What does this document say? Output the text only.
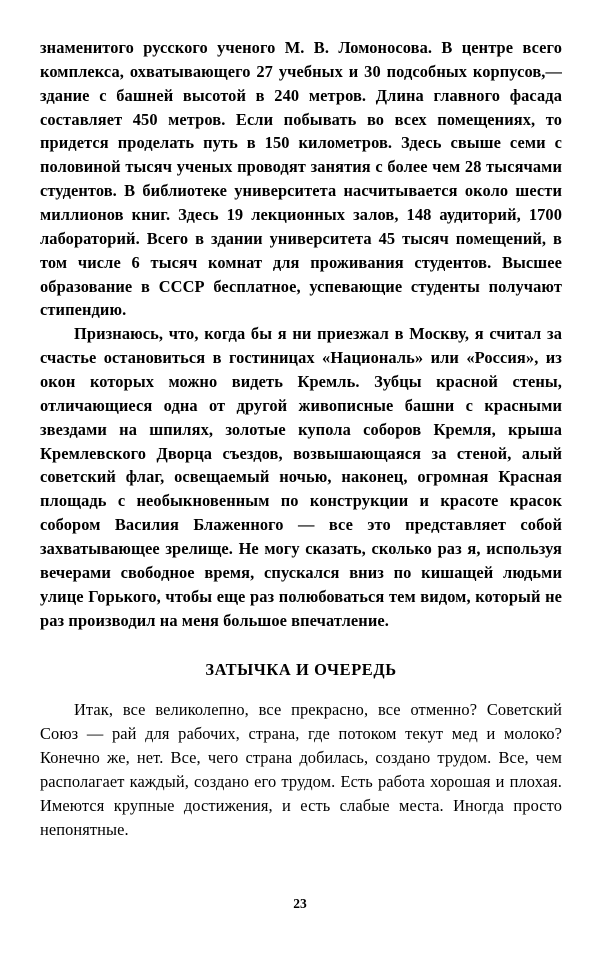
знаменитого русского ученого М. В. Ломоносова. В центре всего комплекса, охватывающего 27 учебных и 30 подсобных корпусов,— здание с башней высотой в 240 метров. Длина главного фасада составляет 450 метров. Если побывать во всех помещениях, то придется проделать путь в 150 километров. Здесь свыше семи с половиной тысяч ученых проводят занятия с более чем 28 тысячами студентов. В библиотеке университета насчитывается около шести миллионов книг. Здесь 19 лекционных залов, 148 аудиторий, 1700 лабораторий. Всего в здании университета 45 тысяч помещений, в том числе 6 тысяч комнат для проживания студентов. Высшее образование в СССР бесплатное, успевающие студенты получают стипендию.

Признаюсь, что, когда бы я ни приезжал в Москву, я считал за счастье остановиться в гостиницах «Националь» или «Россия», из окон которых можно видеть Кремль. Зубцы красной стены, отличающиеся одна от другой живописные башни с красными звездами на шпилях, золотые купола соборов Кремля, крыша Кремлевского Дворца съездов, возвышающаяся за стеной, алый советский флаг, освещаемый ночью, наконец, огромная Красная площадь с необыкновенным по конструкции и красоте красок собором Василия Блаженного — все это представляет собой захватывающее зрелище. Не могу сказать, сколько раз я, используя вечерами свободное время, спускался вниз по кишащей людьми улице Горького, чтобы еще раз полюбоваться тем видом, который не раз производил на меня большое впечатление.

ЗАТЫЧКА И ОЧЕРЕДЬ

Итак, все великолепно, все прекрасно, все отменно? Советский Союз — рай для рабочих, страна, где потоком текут мед и молоко? Конечно же, нет. Все, чего страна добилась, создано трудом. Все, чем располагает каждый, создано его трудом. Есть работа хорошая и плохая. Имеются крупные достижения, и есть слабые места. Иногда просто непонятные.

23
